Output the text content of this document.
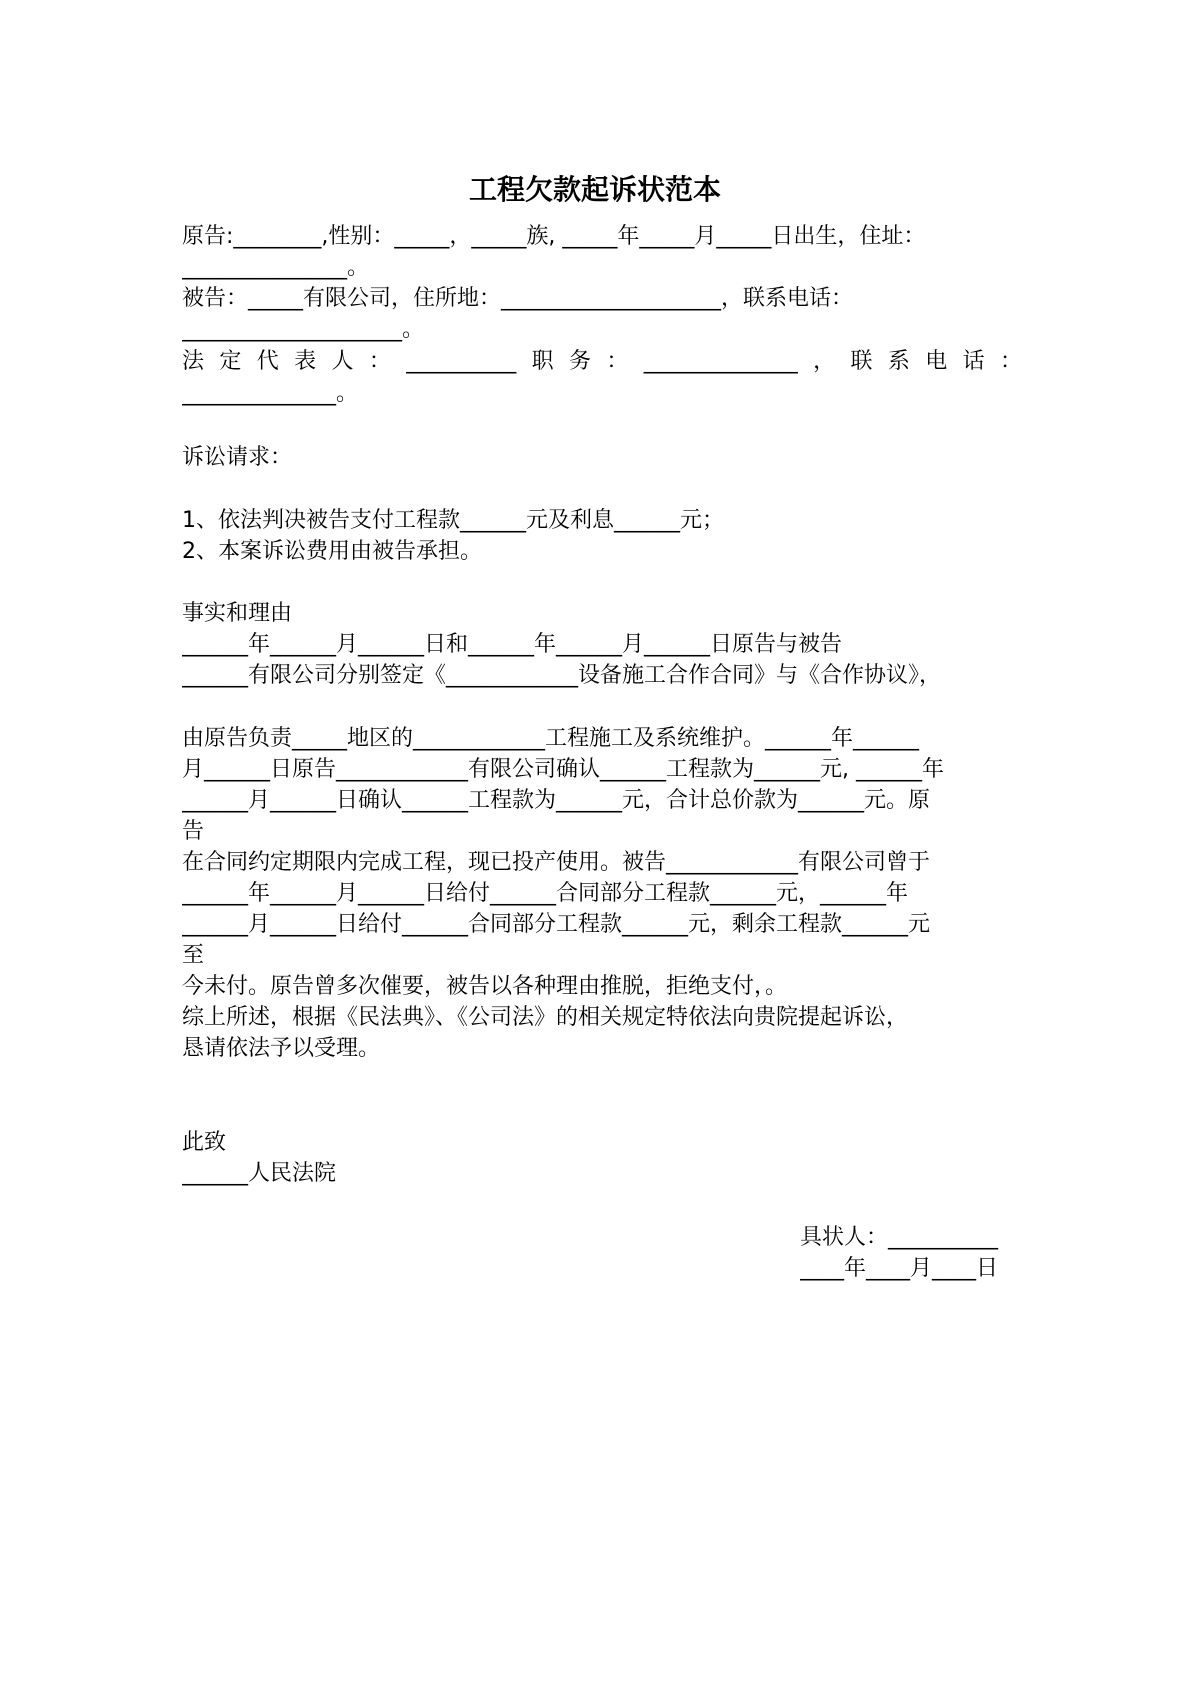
工程欠款起诉状范本
原告:________,性别：_____，_____族, _____年_____月_____日出生，住址：
_______________。
被告：_____有限公司，住所地：____________________，联系电话：
____________________。
法 定 代 表 人 ： __________ 职 务 ： ______________ ， 联 系 电 话 ：
______________。
诉讼请求：
1、依法判决被告支付工程款______元及利息______元；
2、本案诉讼费用由被告承担。
事实和理由
______年______月______日和______年______月______日原告与被告
______有限公司分别签定《____________设备施工合作合同》与《合作协议》，
由原告负责_____地区的____________工程施工及系统维护。______年______
月______日原告____________有限公司确认______工程款为______元, ______年
______月______日确认______工程款为______元，合计总价款为______元。原
告
在合同约定期限内完成工程，现已投产使用。被告____________有限公司曾于
______年______月______日给付______合同部分工程款______元，______年
______月______日给付______合同部分工程款______元，剩余工程款______元
至
今未付。原告曾多次催要，被告以各种理由推脱，拒绝支付，。
综上所述，根据《民法典》、《公司法》的相关规定特依法向贵院提起诉讼，
恳请依法予以受理。
此致
______人民法院
具状人：__________
____年____月____日
